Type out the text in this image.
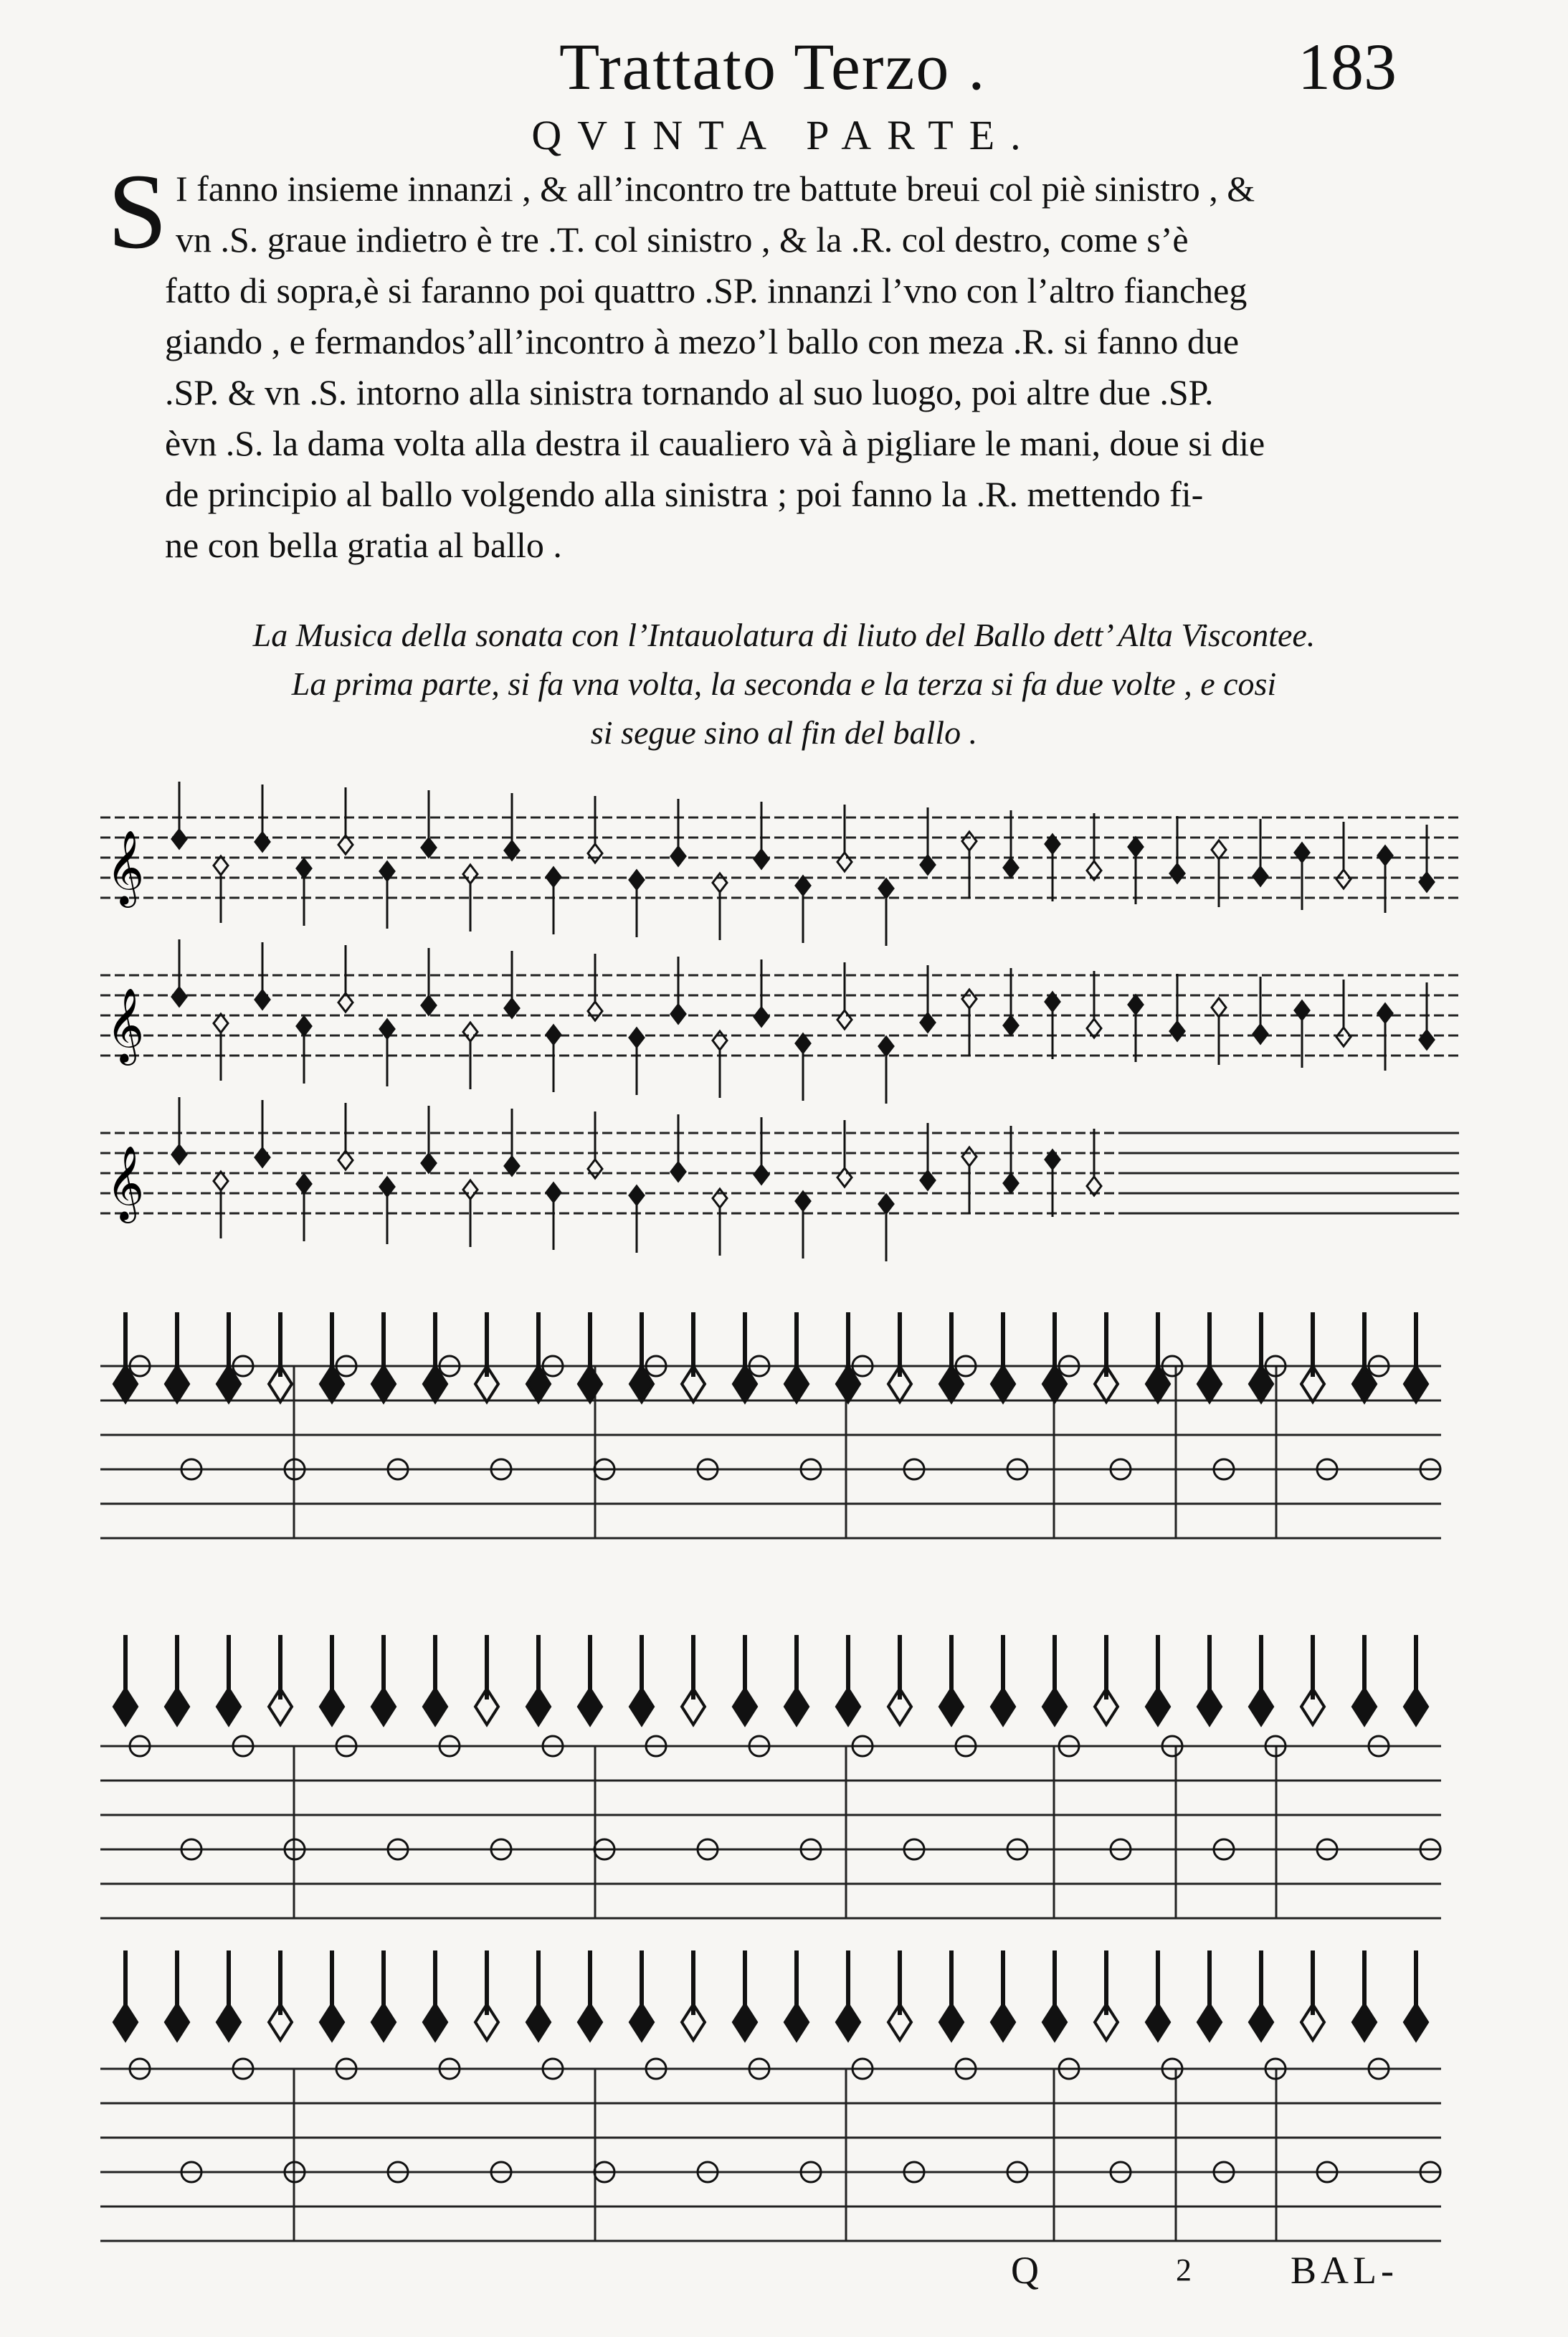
Trattato Terzo .	183
QVINTA PARTE.
S I fanno insieme innanzi , & all’incontro tre battute breui col piè sinistro , &
vn .S. graue indietro è tre .T. col sinistro , & la .R. col destro, come s’è
fatto di sopra,è si faranno poi quattro .SP. innanzi l’vno con l’altro fiancheg
giando , e fermandos’all’incontro à mezo’l ballo con meza .R. si fanno due
.SP. & vn .S. intorno alla sinistra tornando al suo luogo, poi altre due .SP.
èvn .S. la dama volta alla destra il caualiero và à pigliare le mani, doue si die
de principio al ballo volgendo alla sinistra ; poi fanno la .R. mettendo fi-
ne con bella gratia al ballo .
La Musica della sonata con l’Intauolatura di liuto del Ballo dett’ Alta Viscontee.
La prima parte, si fa vna volta, la seconda e la terza si fa due volte , e cosi
si segue sino al fin del ballo .
𝄞
𝄞
𝄞
Q	2	BAL-
